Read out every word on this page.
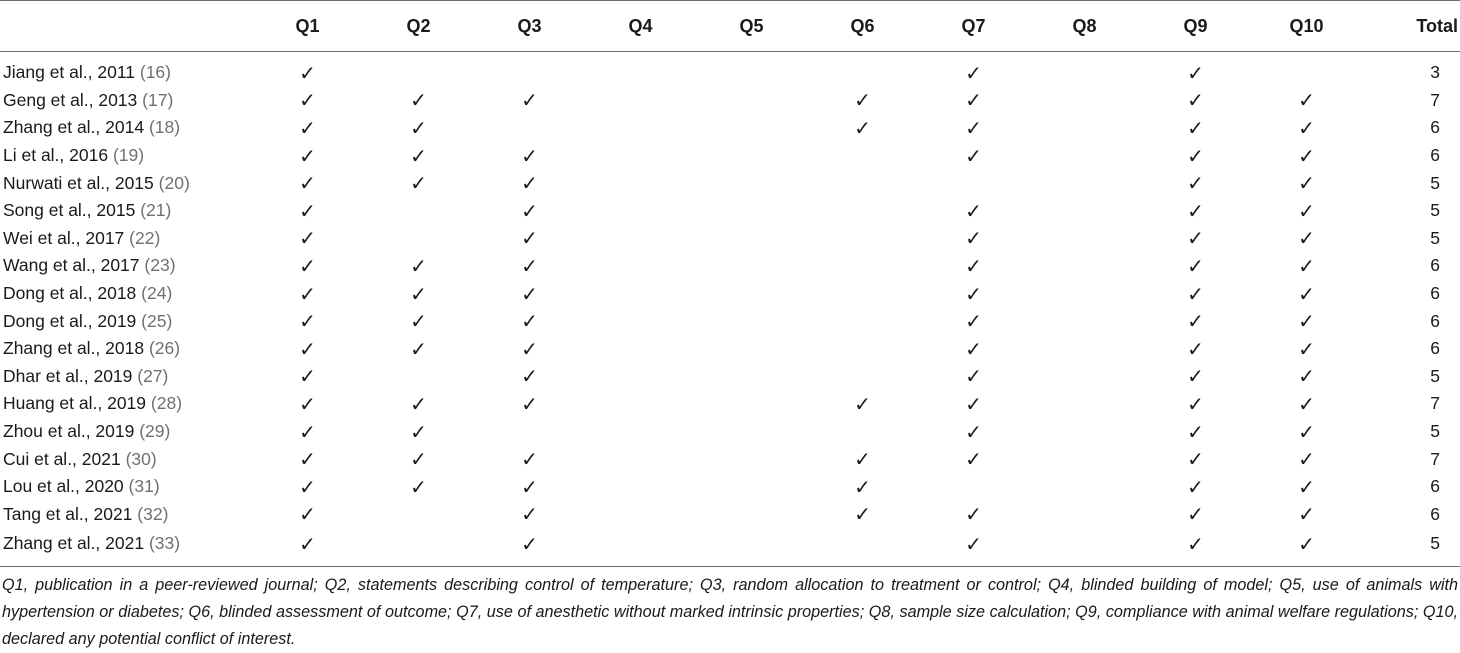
	Q1	Q2	Q3	Q4	Q5	Q6	Q7	Q8	Q9	Q10	Total

Jiang et al., 2011 (16)	✓						✓		✓		3
Geng et al., 2013 (17)	✓	✓	✓			✓	✓		✓	✓	7
Zhang et al., 2014 (18)	✓	✓				✓	✓		✓	✓	6
Li et al., 2016 (19)	✓	✓	✓				✓		✓	✓	6
Nurwati et al., 2015 (20)	✓	✓	✓						✓	✓	5
Song et al., 2015 (21)	✓		✓				✓		✓	✓	5
Wei et al., 2017 (22)	✓		✓				✓		✓	✓	5
Wang et al., 2017 (23)	✓	✓	✓				✓		✓	✓	6
Dong et al., 2018 (24)	✓	✓	✓				✓		✓	✓	6
Dong et al., 2019 (25)	✓	✓	✓				✓		✓	✓	6
Zhang et al., 2018 (26)	✓	✓	✓				✓		✓	✓	6
Dhar et al., 2019 (27)	✓		✓				✓		✓	✓	5
Huang et al., 2019 (28)	✓	✓	✓			✓	✓		✓	✓	7
Zhou et al., 2019 (29)	✓	✓					✓		✓	✓	5
Cui et al., 2021 (30)	✓	✓	✓			✓	✓		✓	✓	7
Lou et al., 2020 (31)	✓	✓	✓			✓			✓	✓	6
Tang et al., 2021 (32)	✓		✓			✓	✓		✓	✓	6
Zhang et al., 2021 (33)	✓		✓				✓		✓	✓	5
Q1, publication in a peer-reviewed journal; Q2, statements describing control of temperature; Q3, random allocation to treatment or control; Q4, blinded building of model; Q5, use of animals with hypertension or diabetes; Q6, blinded assessment of outcome; Q7, use of anesthetic without marked intrinsic properties; Q8, sample size calculation; Q9, compliance with animal welfare regulations; Q10, declared any potential conflict of interest.
